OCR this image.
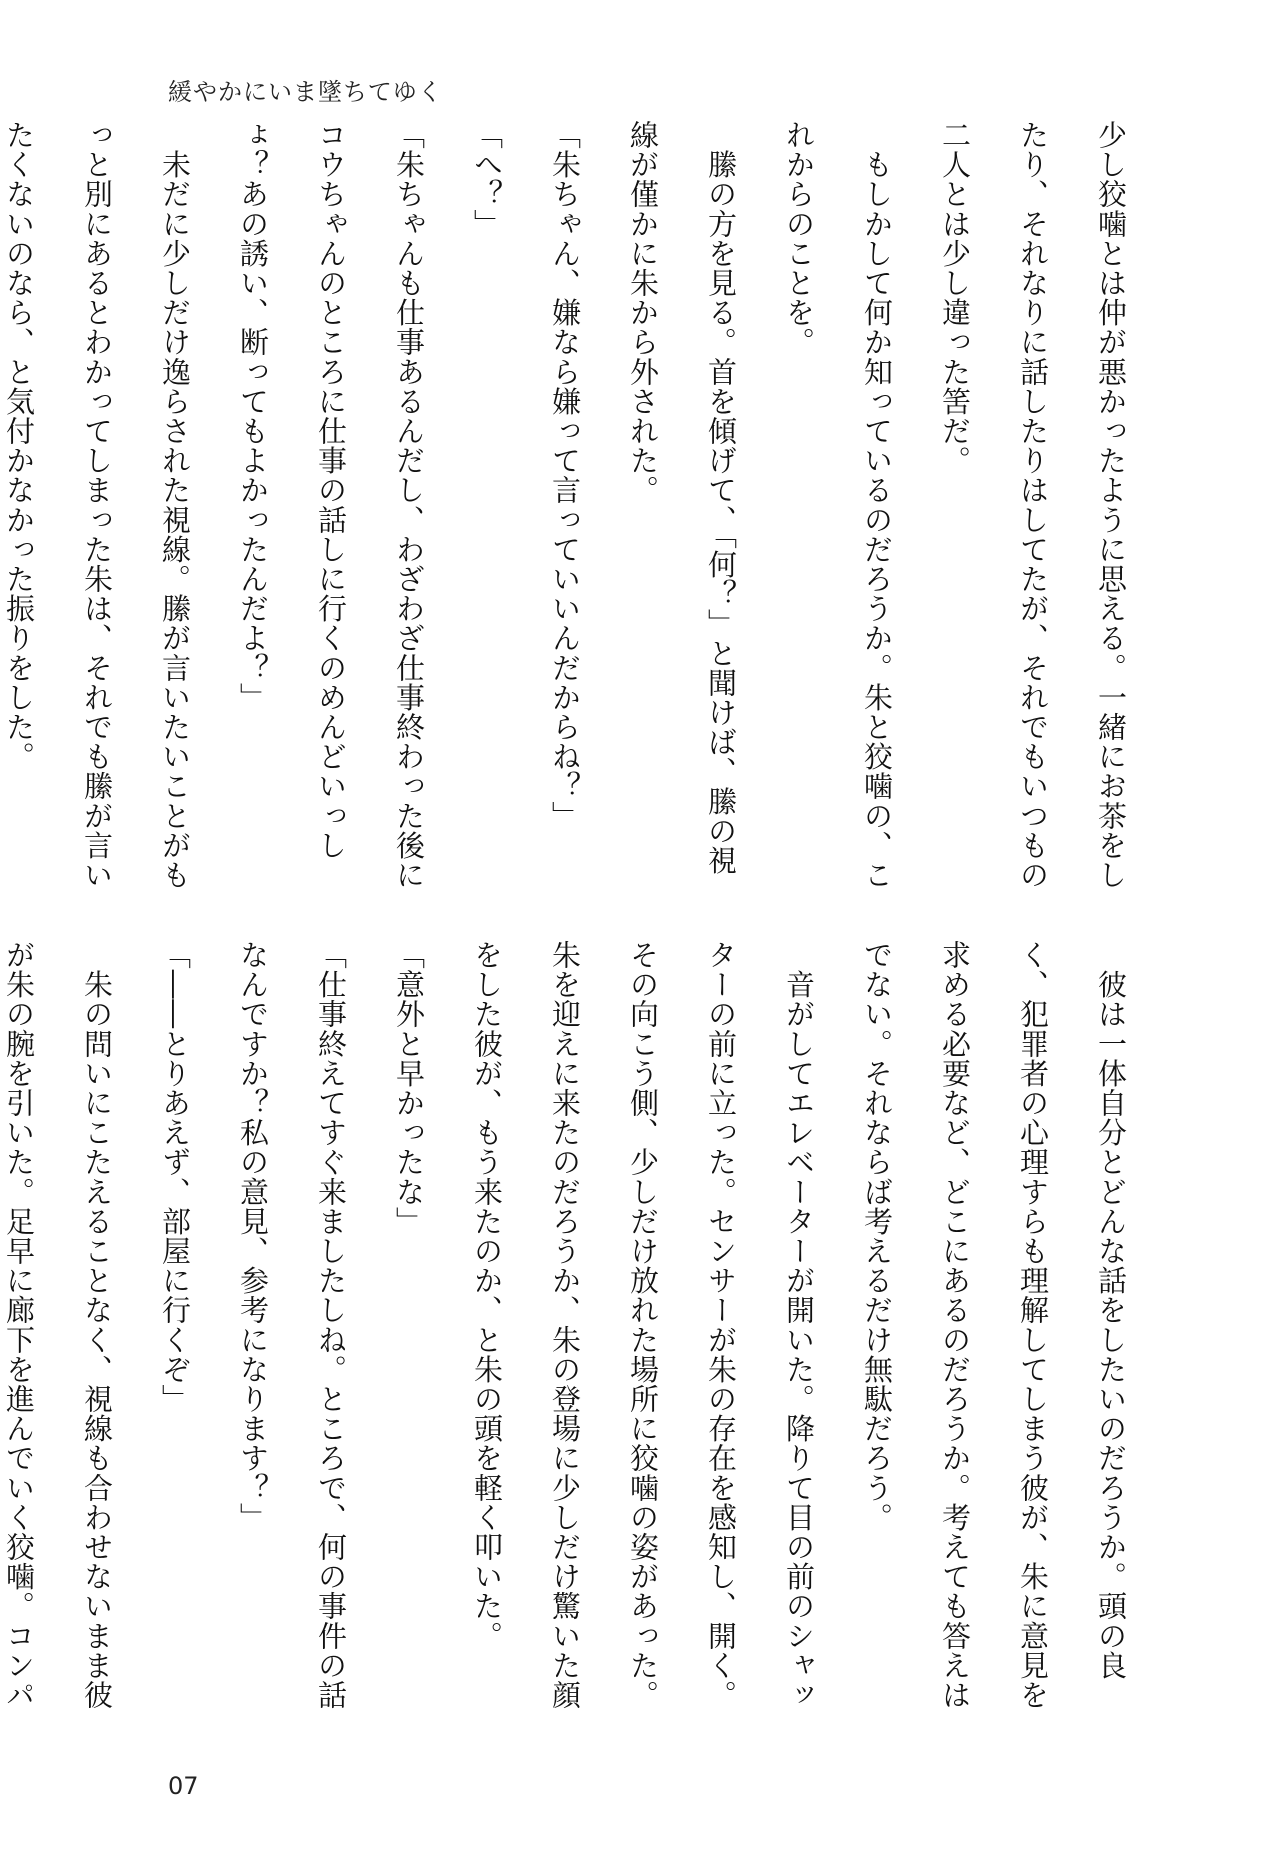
緩やかにいま墜ちてゆく

少し狡噛とは仲が悪かったように思える。一緒にお茶をしたり、それなりに話したりはしてたが、それでもいつもの二人とは少し違った筈だ。

　もしかして何か知っているのだろうか。朱と狡噛の、これからのことを。

　縢の方を見る。首を傾げて、「何？」と聞けば、縢の視線が僅かに朱から外された。

「朱ちゃん、嫌なら嫌って言っていいんだからね？」

「へ？」

「朱ちゃんも仕事あるんだし、わざわざ仕事終わった後にコウちゃんのところに仕事の話しに行くのめんどいっしょ？あの誘い、断ってもよかったんだよ？」

　未だに少しだけ逸らされた視線。縢が言いたいことがもっと別にあるとわかってしまった朱は、それでも縢が言いたくないのなら、と気付かなかった振りをした。

　彼は一体自分とどんな話をしたいのだろうか。頭の良く、犯罪者の心理すらも理解してしまう彼が、朱に意見を求める必要など、どこにあるのだろうか。考えても答えはでない。それならば考えるだけ無駄だろう。

　音がしてエレベーターが開いた。降りて目の前のシャッターの前に立った。センサーが朱の存在を感知し、開く。その向こう側、少しだけ放れた場所に狡噛の姿があった。朱を迎えに来たのだろうか、朱の登場に少しだけ驚いた顔をした彼が、もう来たのか、と朱の頭を軽く叩いた。

「意外と早かったな」

「仕事終えてすぐ来ましたしね。ところで、何の事件の話なんですか？私の意見、参考になります？」

「――とりあえず、部屋に行くぞ」

　朱の問いにこたえることなく、視線も合わせないまま彼が朱の腕を引いた。足早に廊下を進んでいく狡噛。コンパ

07
